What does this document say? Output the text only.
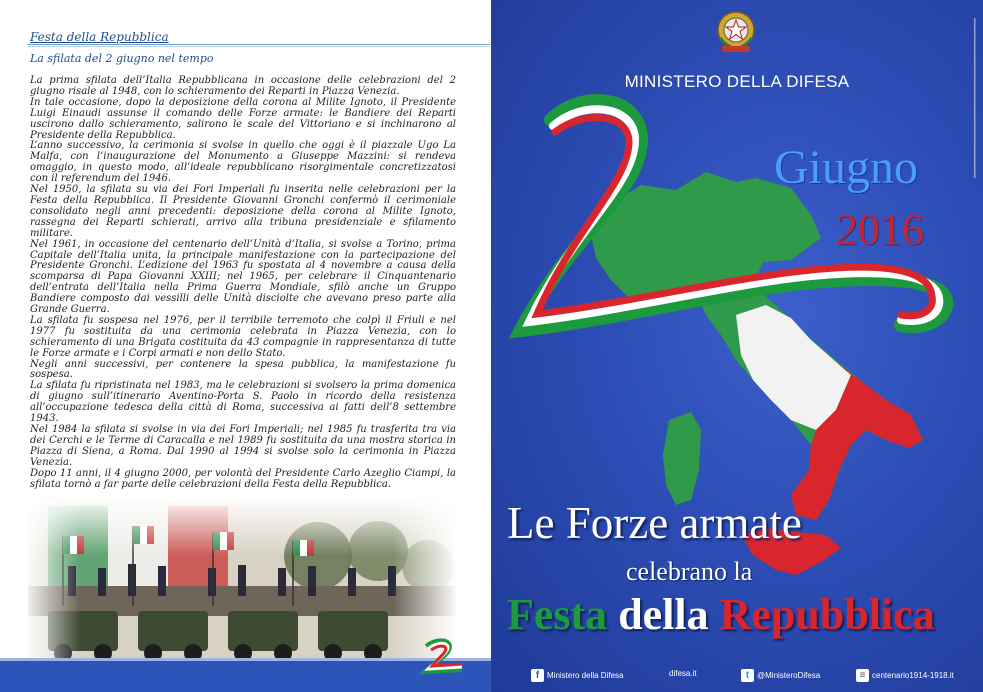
Festa della Repubblica
La sfilata del 2 giugno nel tempo

La prima sfilata dell’Italia Repubblicana in occasione delle celebrazioni del 2 giugno risale al 1948, con lo schieramento dei Reparti in Piazza Venezia.

In tale occasione, dopo la deposizione della corona al Milite Ignoto, il Presidente Luigi Einaudi assunse il comando delle Forze armate: le Bandiere dei Reparti uscirono dallo schieramento, salirono le scale del Vittoriano e si inchinarono al Presidente della Repubblica.

L’anno successivo, la cerimonia si svolse in quello che oggi è il piazzale Ugo La Malfa, con l’inaugurazione del Monumento a Giuseppe Mazzini: si rendeva omaggio, in questo modo, all’ideale repubblicano risorgimentale concretizzatosi con il referendum del 1946.

Nel 1950, la sfilata su via dei Fori Imperiali fu inserita nelle celebrazioni per la Festa della Repubblica. Il Presidente Giovanni Gronchi confermò il cerimoniale consolidato negli anni precedenti: deposizione della corona al Milite Ignoto, rassegna dei Reparti schierati, arrivo alla tribuna presidenziale e sfilamento militare.

Nel 1961, in occasione del centenario dell’Unità d’Italia, si svolse a Torino, prima Capitale dell’Italia unita, la principale manifestazione con la partecipazione del Presidente Gronchi. L’edizione del 1963 fu spostata al 4 novembre a causa della scomparsa di Papa Giovanni XXIII; nel 1965, per celebrare il Cinquantenario dell’entrata dell’Italia nella Prima Guerra Mondiale, sfilò anche un Gruppo Bandiere composto dai vessilli delle Unità disciolte che avevano preso parte alla Grande Guerra.

La sfilata fu sospesa nel 1976, per il terribile terremoto che colpì il Friuli e nel 1977 fu sostituita da una cerimonia celebrata in Piazza Venezia, con lo schieramento di una Brigata costituita da 43 compagnie in rappresentanza di tutte le Forze armate e i Corpi armati e non dello Stato.

Negli anni successivi, per contenere la spesa pubblica, la manifestazione fu sospesa.

La sfilata fu ripristinata nel 1983, ma le celebrazioni si svolsero la prima domenica di giugno sull’itinerario Aventino-Porta S. Paolo in ricordo della resistenza all’occupazione tedesca della città di Roma, successiva ai fatti dell’8 settembre 1943.

Nel 1984 la sfilata si svolse in via dei Fori Imperiali; nel 1985 fu trasferita tra via dei Cerchi e le Terme di Caracalla e nel 1989 fu sostituita da una mostra storica in Piazza di Siena, a Roma. Dal 1990 al 1994 si svolse solo la cerimonia in Piazza Venezia.

Dopo 11 anni, il 4 giugno 2000, per volontà del Presidente Carlo Azeglio Ciampi, la sfilata tornò a far parte delle celebrazioni della Festa della Repubblica.

MINISTERO DELLA DIFESA
Giugno
2016
Le Forze armate
celebrano la
Festa della Repubblica
f Ministero della Difesa	difesa.it	t @MinisteroDifesa	≡ centenario1914-1918.it
